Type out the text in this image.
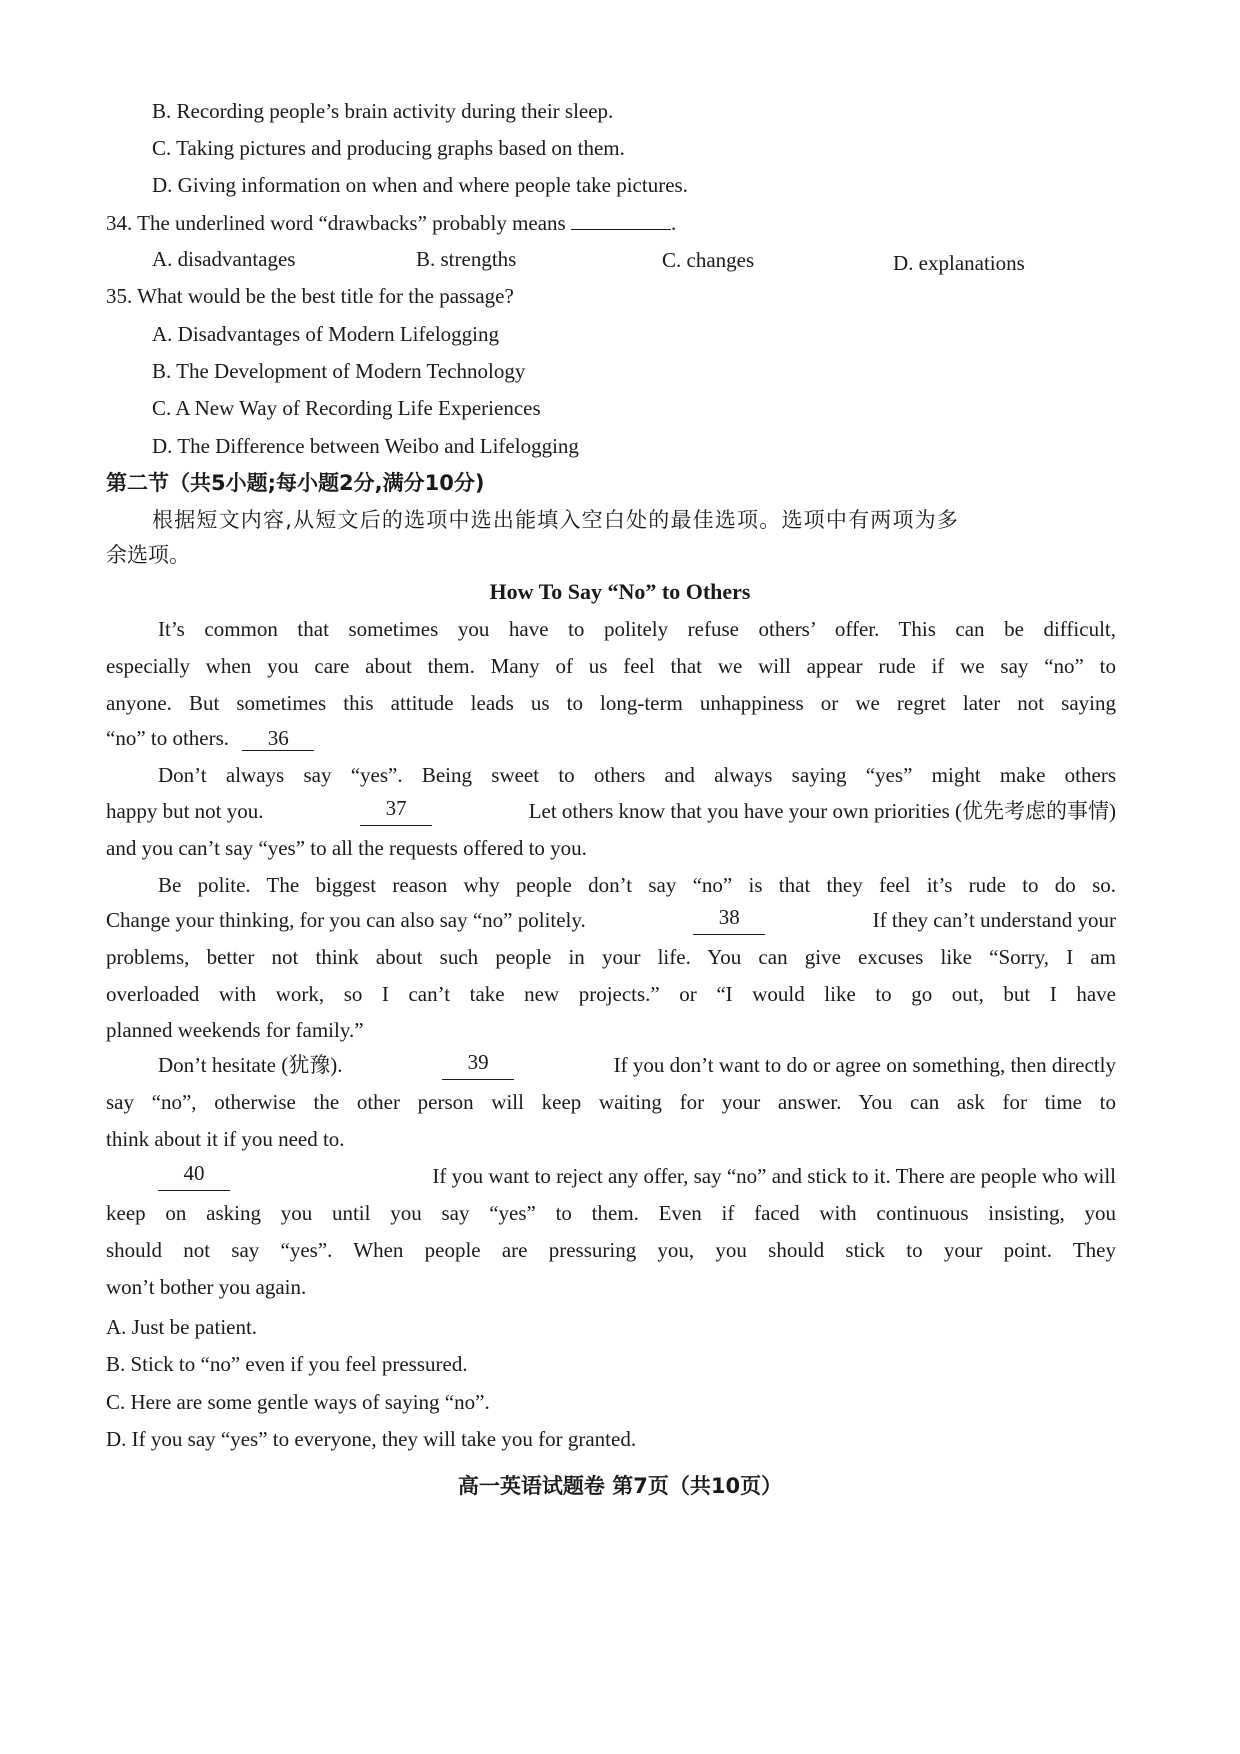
B. Recording people’s brain activity during their sleep.
C. Taking pictures and producing graphs based on them.
D. Giving information on when and where people take pictures.
34. The underlined word “drawbacks” probably means	.
A. disadvantages	B. strengths	C. changes	D. explanations
35. What would be the best title for the passage?
A. Disadvantages of Modern Lifelogging
B. The Development of Modern Technology
C. A New Way of Recording Life Experiences
D. The Difference between Weibo and Lifelogging
第二节（共5小题;每小题2分,满分10分)
根据短文内容,从短文后的选项中选出能填入空白处的最佳选项。选项中有两项为多
余选项。
How To Say “No” to Others
It’s common that sometimes you have to politely refuse others’ offer. This can be difficult,
especially when you care about them. Many of us feel that we will appear rude if we say “no” to
anyone. But sometimes this attitude leads us to long-term unhappiness or we regret later not saying
“no” to others. 36
Don’t always say “yes”. Being sweet to others and always saying “yes” might make others
happy but not you.	37	Let others know that you have your own priorities (优先考虑的事情)
and you can’t say “yes” to all the requests offered to you.
Be polite. The biggest reason why people don’t say “no” is that they feel it’s rude to do so.
Change your thinking, for you can also say “no” politely.	38	If they can’t understand your
problems, better not think about such people in your life. You can give excuses like “Sorry, I am
overloaded with work, so I can’t take new projects.” or “I would like to go out, but I have
planned weekends for family.”
Don’t hesitate (犹豫).	39	If you don’t want to do or agree on something, then directly
say “no”, otherwise the other person will keep waiting for your answer. You can ask for time to
think about it if you need to.
40	If you want to reject any offer, say “no” and stick to it. There are people who will
keep on asking you until you say “yes” to them. Even if faced with continuous insisting, you
should not say “yes”. When people are pressuring you, you should stick to your point. They
won’t bother you again.
A. Just be patient.
B. Stick to “no” even if you feel pressured.
C. Here are some gentle ways of saying “no”.
D. If you say “yes” to everyone, they will take you for granted.
高一英语试题卷 第7页（共10页）
